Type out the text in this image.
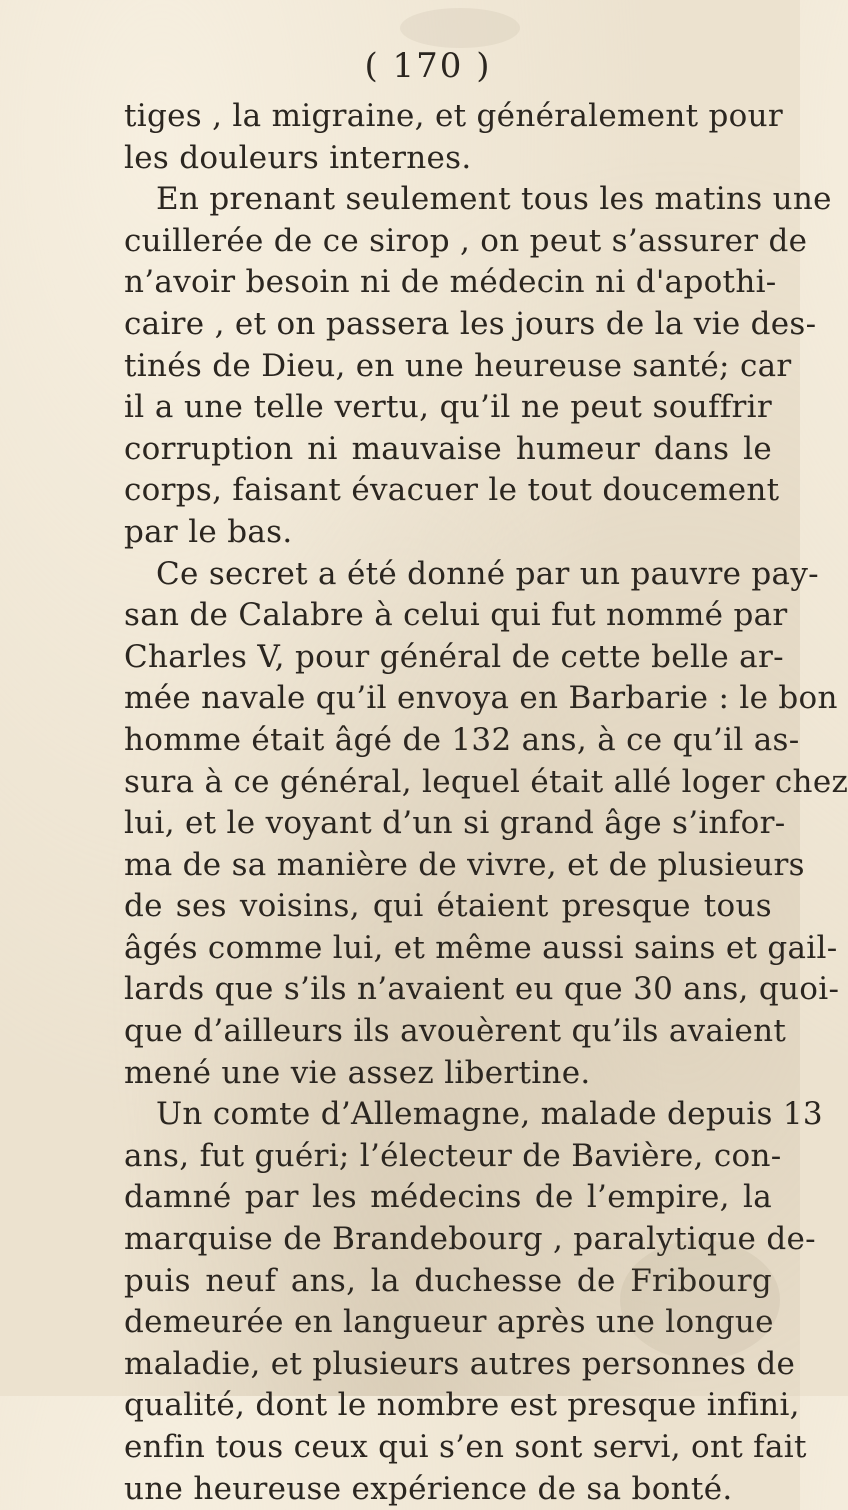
( 170 )
tiges , la migraine, et généralement pour
les douleurs internes.
En prenant seulement tous les matins une
cuillerée de ce sirop , on peut s’assurer de
n’avoir besoin ni de médecin ni d'apothi-
caire , et on passera les jours de la vie des-
tinés de Dieu, en une heureuse santé; car
il a une telle vertu, qu’il ne peut souffrir
corruption ni mauvaise humeur dans le
corps, faisant évacuer le tout doucement
par le bas.
Ce secret a été donné par un pauvre pay-
san de Calabre à celui qui fut nommé par
Charles V, pour général de cette belle ar-
mée navale qu’il envoya en Barbarie : le bon
homme était âgé de 132 ans, à ce qu’il as-
sura à ce général, lequel était allé loger chez
lui, et le voyant d’un si grand âge s’infor-
ma de sa manière de vivre, et de plusieurs
de ses voisins, qui étaient presque tous
âgés comme lui, et même aussi sains et gail-
lards que s’ils n’avaient eu que 30 ans, quoi-
que d’ailleurs ils avouèrent qu’ils avaient
mené une vie assez libertine.
Un comte d’Allemagne, malade depuis 13
ans, fut guéri; l’électeur de Bavière, con-
damné par les médecins de l’empire, la
marquise de Brandebourg , paralytique de-
puis neuf ans, la duchesse de Fribourg
demeurée en langueur après une longue
maladie, et plusieurs autres personnes de
qualité, dont le nombre est presque infini,
enfin tous ceux qui s’en sont servi, ont fait
une heureuse expérience de sa bonté.
